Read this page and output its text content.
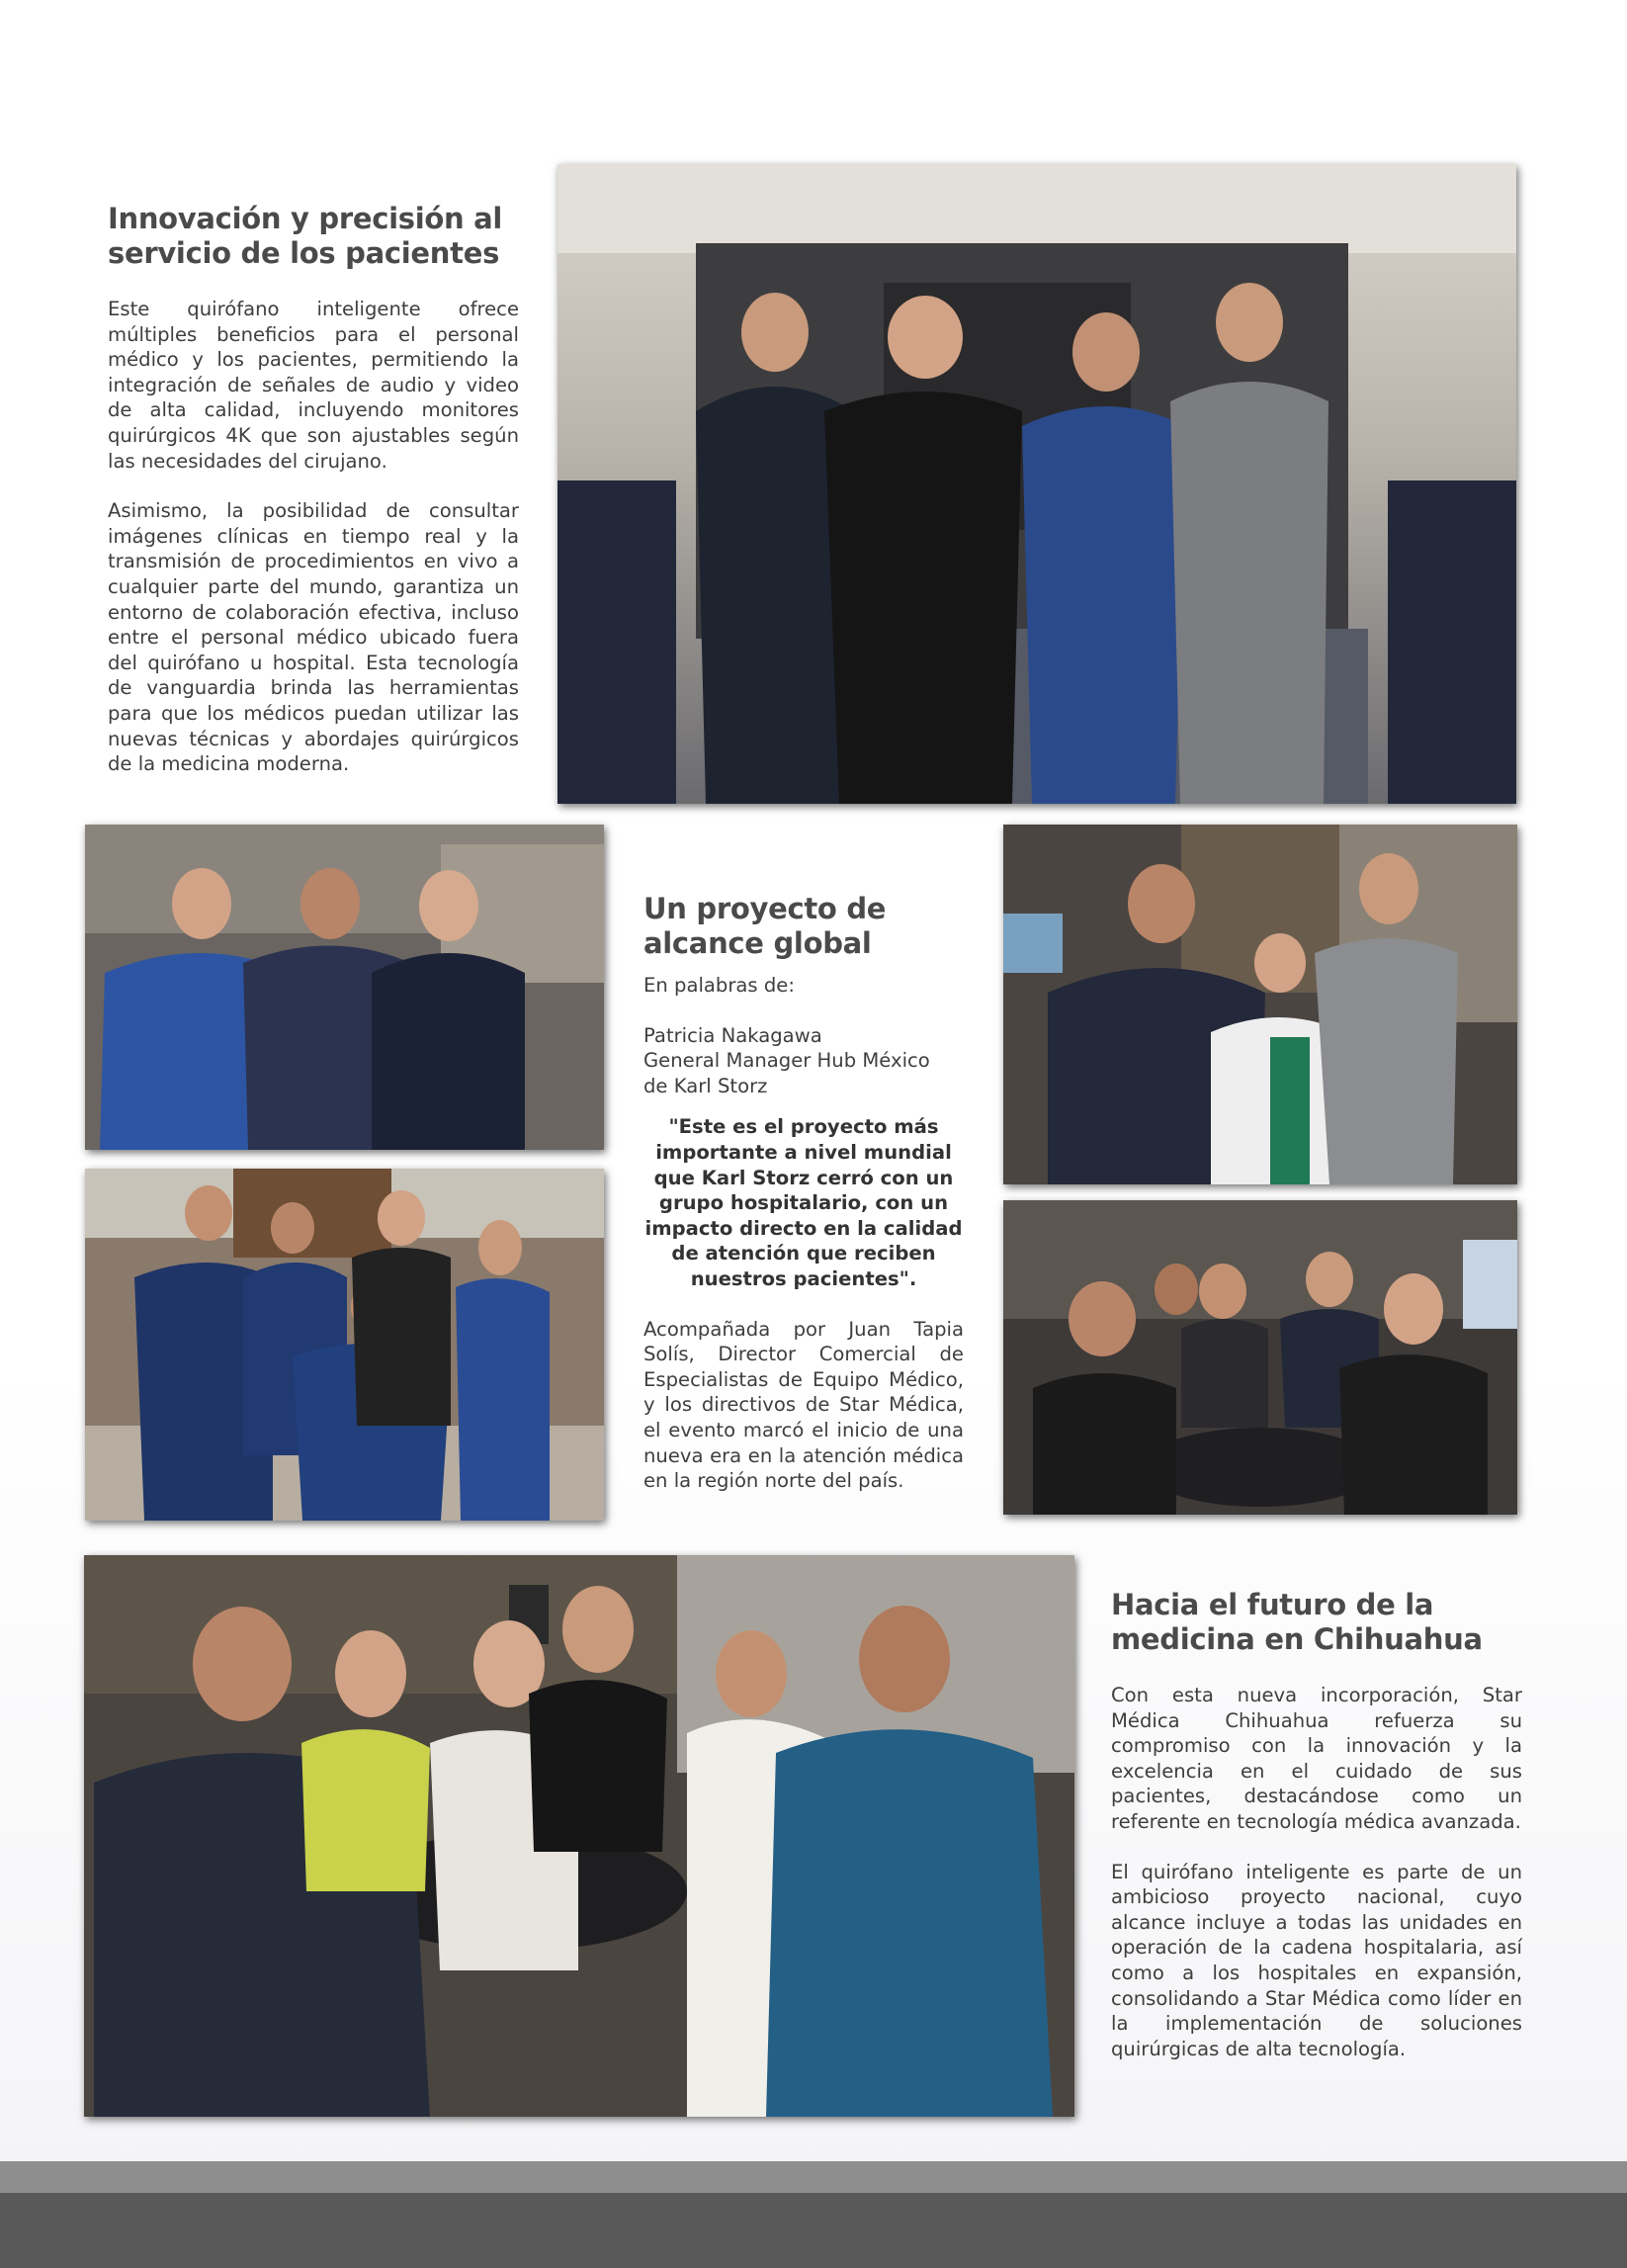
Innovación y precisión al servicio de los pacientes

Este quirófano inteligente ofrece múltiples beneficios para el personal médico y los pacientes, permitiendo la integración de señales de audio y video de alta calidad, incluyendo monitores quirúrgicos 4K que son ajustables según las necesidades del cirujano.

Asimismo, la posibilidad de consultar imágenes clínicas en tiempo real y la transmisión de procedimientos en vivo a cualquier parte del mundo, garantiza un entorno de colaboración efectiva, incluso entre el personal médico ubicado fuera del quirófano u hospital. Esta tecnología de vanguardia brinda las herramientas para que los médicos puedan utilizar las nuevas técnicas y abordajes quirúrgicos de la medicina moderna.

Un proyecto de alcance global
En palabras de:
Patricia Nakagawa
General Manager Hub México
de Karl Storz

"Este es el proyecto más importante a nivel mundial que Karl Storz cerró con un grupo hospitalario, con un impacto directo en la calidad de atención que reciben nuestros pacientes".

Acompañada por Juan Tapia Solís, Director Comercial de Especialistas de Equipo Médico, y los directivos de Star Médica, el evento marcó el inicio de una nueva era en la atención médica en la región norte del país.

Hacia el futuro de la medicina en Chihuahua

Con esta nueva incorporación, Star Médica Chihuahua refuerza su compromiso con la innovación y la excelencia en el cuidado de sus pacientes, destacándose como un referente en tecnología médica avanzada.

El quirófano inteligente es parte de un ambicioso proyecto nacional, cuyo alcance incluye a todas las unidades en operación de la cadena hospitalaria, así como a los hospitales en expansión, consolidando a Star Médica como líder en la implementación de soluciones quirúrgicas de alta tecnología.
